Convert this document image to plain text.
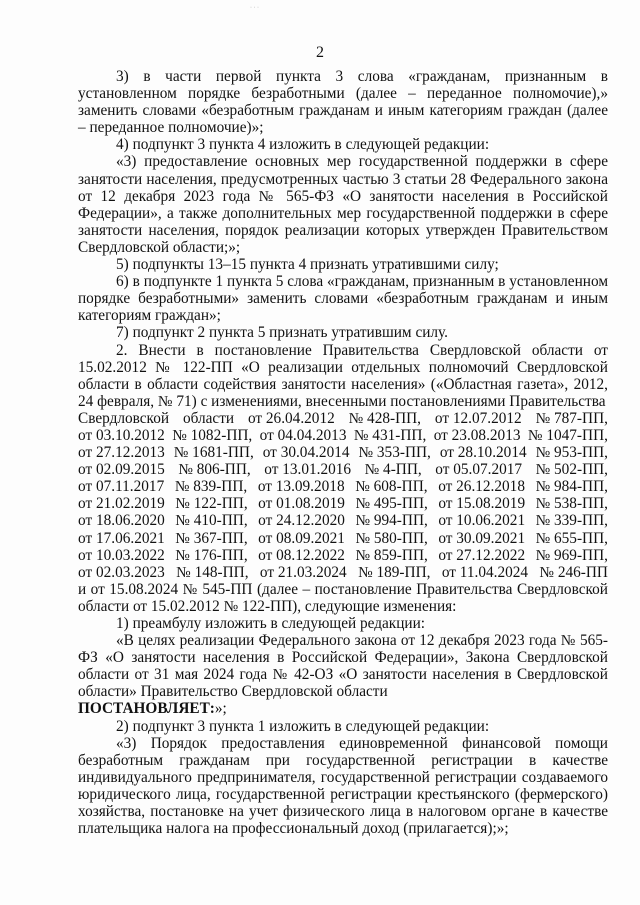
· · ·
2

3) в части первой пункта 3 слова «гражданам, признанным в установленном порядке безработными (далее – переданное полномочие),» заменить словами «безработным гражданам и иным категориям граждан (далее – переданное полномочие)»;

4) подпункт 3 пункта 4 изложить в следующей редакции:

«3) предоставление основных мер государственной поддержки в сфере занятости населения, предусмотренных частью 3 статьи 28 Федерального закона от 12 декабря 2023 года № 565-ФЗ «О занятости населения в Российской Федерации», а также дополнительных мер государственной поддержки в сфере занятости населения, порядок реализации которых утвержден Правительством Свердловской области;»;

5) подпункты 13–15 пункта 4 признать утратившими силу;

6) в подпункте 1 пункта 5 слова «гражданам, признанным в установленном порядке безработными» заменить словами «безработным гражданам и иным категориям граждан»;

7) подпункт 2 пункта 5 признать утратившим силу.

2. Внести в постановление Правительства Свердловской области от 15.02.2012 № 122-ПП «О реализации отдельных полномочий Свердловской области в области содействия занятости населения» («Областная газета», 2012, 24 февраля, № 71) с изменениями, внесенными постановлениями Правительства

Свердловской области от 26.04.2012 № 428-ПП, от 12.07.2012 № 787-ПП,
от 03.10.2012 № 1082-ПП, от 04.04.2013 № 431-ПП, от 23.08.2013 № 1047-ПП,
от 27.12.2013 № 1681-ПП, от 30.04.2014 № 353-ПП, от 28.10.2014 № 953-ПП,
от 02.09.2015 № 806-ПП, от 13.01.2016 № 4-ПП, от 05.07.2017 № 502-ПП,
от 07.11.2017 № 839-ПП, от 13.09.2018 № 608-ПП, от 26.12.2018 № 984-ПП,
от 21.02.2019 № 122-ПП, от 01.08.2019 № 495-ПП, от 15.08.2019 № 538-ПП,
от 18.06.2020 № 410-ПП, от 24.12.2020 № 994-ПП, от 10.06.2021 № 339-ПП,
от 17.06.2021 № 367-ПП, от 08.09.2021 № 580-ПП, от 30.09.2021 № 655-ПП,
от 10.03.2022 № 176-ПП, от 08.12.2022 № 859-ПП, от 27.12.2022 № 969-ПП,
от 02.03.2023 № 148-ПП, от 21.03.2024 № 189-ПП, от 11.04.2024 № 246-ПП

и от 15.08.2024 № 545-ПП (далее – постановление Правительства Свердловской области от 15.02.2012 № 122-ПП), следующие изменения:

1) преамбулу изложить в следующей редакции:

«В целях реализации Федерального закона от 12 декабря 2023 года № 565-ФЗ «О занятости населения в Российской Федерации», Закона Свердловской области от 31 мая 2024 года № 42-ОЗ «О занятости населения в Свердловской области» Правительство Свердловской области

ПОСТАНОВЛЯЕТ:»;

2) подпункт 3 пункта 1 изложить в следующей редакции:

«3) Порядок предоставления единовременной финансовой помощи безработным гражданам при государственной регистрации в качестве индивидуального предпринимателя, государственной регистрации создаваемого юридического лица, государственной регистрации крестьянского (фермерского) хозяйства, постановке на учет физического лица в налоговом органе в качестве плательщика налога на профессиональный доход (прилагается);»;
